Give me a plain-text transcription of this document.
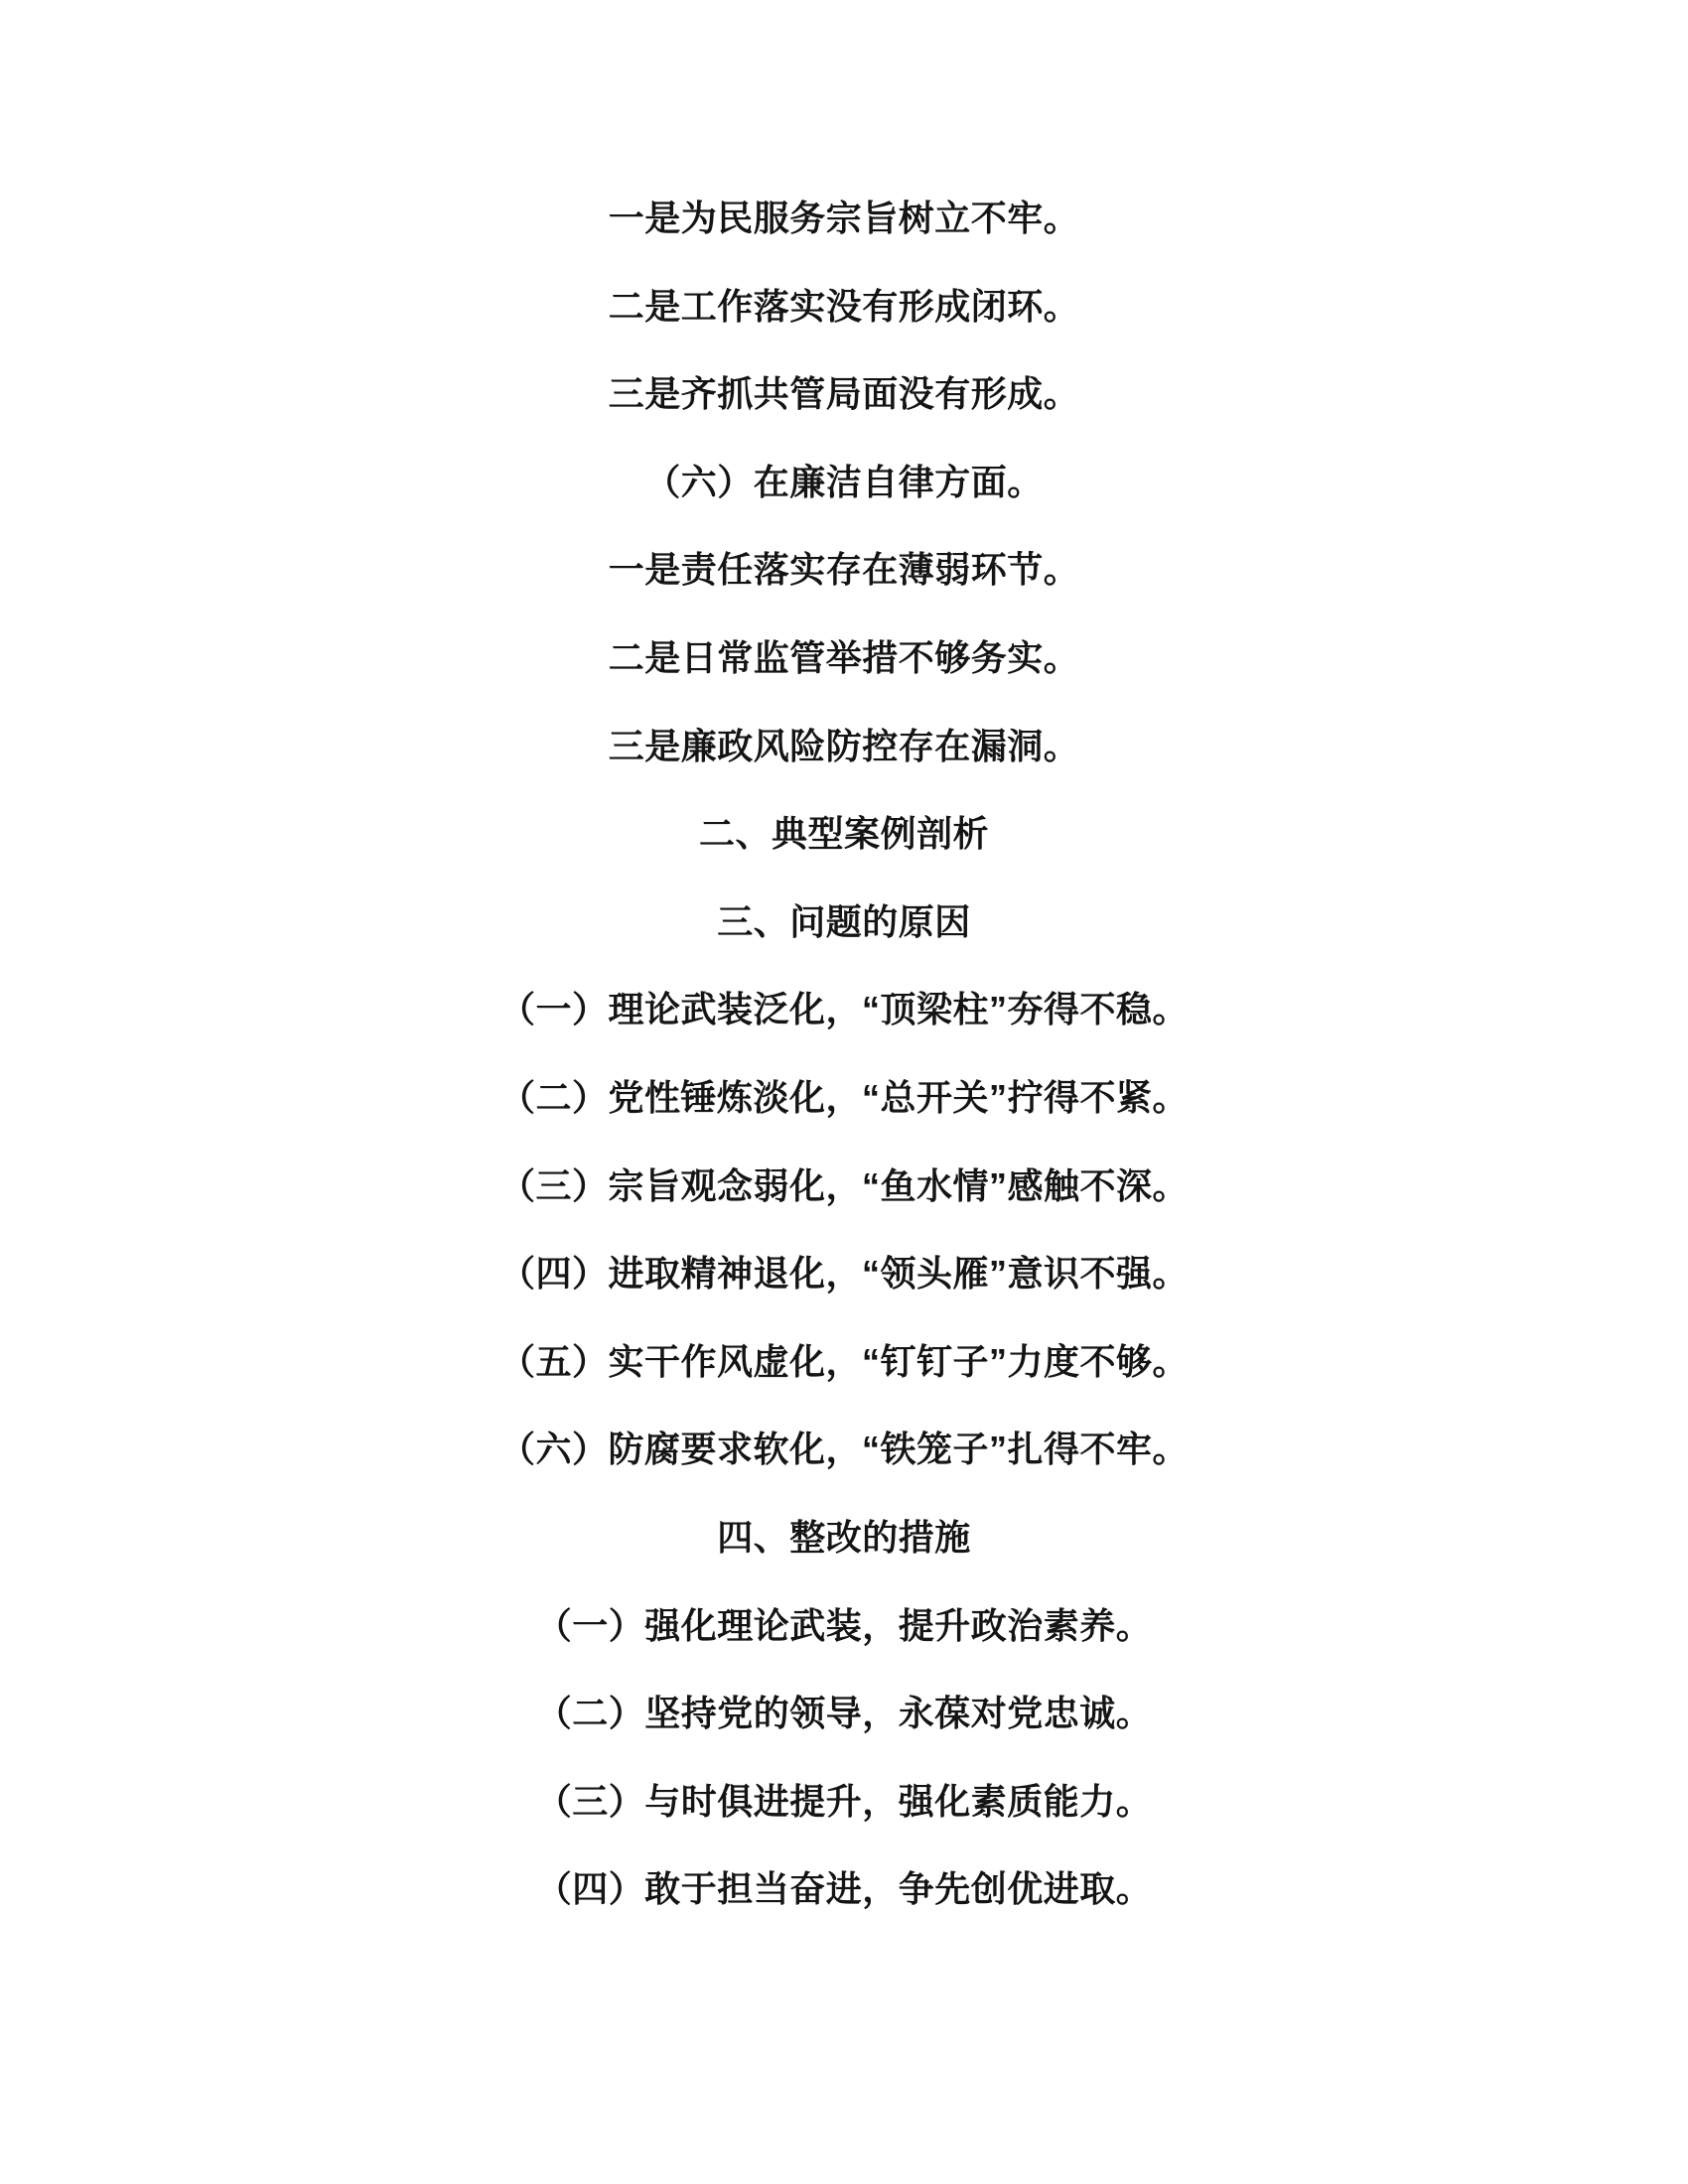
一是为民服务宗旨树立不牢。

二是工作落实没有形成闭环。

三是齐抓共管局面没有形成。

（六）在廉洁自律方面。

一是责任落实存在薄弱环节。

二是日常监管举措不够务实。

三是廉政风险防控存在漏洞。

二、典型案例剖析

三、问题的原因

（一）理论武装泛化，“顶梁柱”夯得不稳。

（二）党性锤炼淡化，“总开关”拧得不紧。

（三）宗旨观念弱化，“鱼水情”感触不深。

（四）进取精神退化，“领头雁”意识不强。

（五）实干作风虚化，“钉钉子”力度不够。

（六）防腐要求软化，“铁笼子”扎得不牢。

四、整改的措施

（一）强化理论武装，提升政治素养。

（二）坚持党的领导，永葆对党忠诚。

（三）与时俱进提升，强化素质能力。

（四）敢于担当奋进，争先创优进取。
